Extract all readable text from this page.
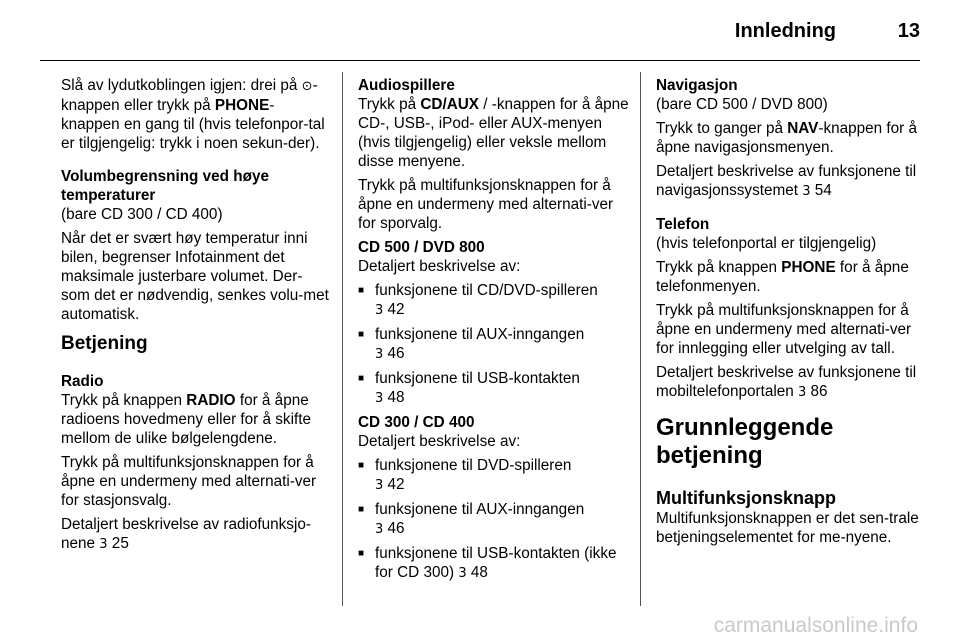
Innledning	13

Slå av lydutkoblingen igjen: drei på ⊙-knappen eller trykk på PHONE-knappen en gang til (hvis telefonpor-tal er tilgjengelig: trykk i noen sekun-der).

Volumbegrensning ved høye
temperaturer

(bare CD 300 / CD 400)

Når det er svært høy temperatur inni bilen, begrenser Infotainment det maksimale justerbare volumet. Der-som det er nødvendig, senkes volu-met automatisk.

Betjening

Radio

Trykk på knappen RADIO for å åpne radioens hovedmeny eller for å skifte mellom de ulike bølgelengdene.

Trykk på multifunksjonsknappen for å åpne en undermeny med alternati-ver for stasjonsvalg.

Detaljert beskrivelse av radiofunksjo-nene 3 25

Audiospillere

Trykk på CD/AUX / -knappen for å åpne CD-, USB-, iPod- eller AUX-menyen (hvis tilgjengelig) eller veksle mellom disse menyene.

Trykk på multifunksjonsknappen for å åpne en undermeny med alternati-ver for sporvalg.

CD 500 / DVD 800

Detaljert beskrivelse av:

■ funksjonene til CD/DVD-spilleren
3 42
■ funksjonene til AUX-inngangen
3 46
■ funksjonene til USB-kontakten
3 48

CD 300 / CD 400

Detaljert beskrivelse av:

■ funksjonene til DVD-spilleren
3 42
■ funksjonene til AUX-inngangen
3 46
■ funksjonene til USB-kontakten (ikke for CD 300) 3 48

Navigasjon

(bare CD 500 / DVD 800)

Trykk to ganger på NAV-knappen for å åpne navigasjonsmenyen.

Detaljert beskrivelse av funksjonene til navigasjonssystemet 3 54

Telefon

(hvis telefonportal er tilgjengelig)

Trykk på knappen PHONE for å åpne telefonmenyen.

Trykk på multifunksjonsknappen for å åpne en undermeny med alternati-ver for innlegging eller utvelging av tall.

Detaljert beskrivelse av funksjonene til mobiltelefonportalen 3 86

Grunnleggende betjening
Multifunksjonsknapp

Multifunksjonsknappen er det sen-trale betjeningselementet for me-nyene.

carmanualsonline.info
